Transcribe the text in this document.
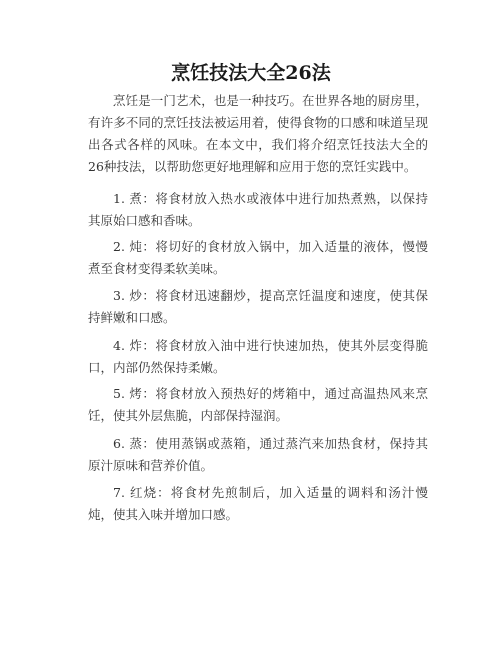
烹饪技法大全26法

烹饪是一门艺术，也是一种技巧。在世界各地的厨房里，有许多不同的烹饪技法被运用着，使得食物的口感和味道呈现出各式各样的风味。在本文中，我们将介绍烹饪技法大全的26种技法，以帮助您更好地理解和应用于您的烹饪实践中。

1. 煮：将食材放入热水或液体中进行加热煮熟，以保持其原始口感和香味。

2. 炖：将切好的食材放入锅中，加入适量的液体，慢慢煮至食材变得柔软美味。

3. 炒：将食材迅速翻炒，提高烹饪温度和速度，使其保持鲜嫩和口感。

4. 炸：将食材放入油中进行快速加热，使其外层变得脆口，内部仍然保持柔嫩。

5. 烤：将食材放入预热好的烤箱中，通过高温热风来烹饪，使其外层焦脆，内部保持湿润。

6. 蒸：使用蒸锅或蒸箱，通过蒸汽来加热食材，保持其原汁原味和营养价值。

7. 红烧：将食材先煎制后，加入适量的调料和汤汁慢炖，使其入味并增加口感。
